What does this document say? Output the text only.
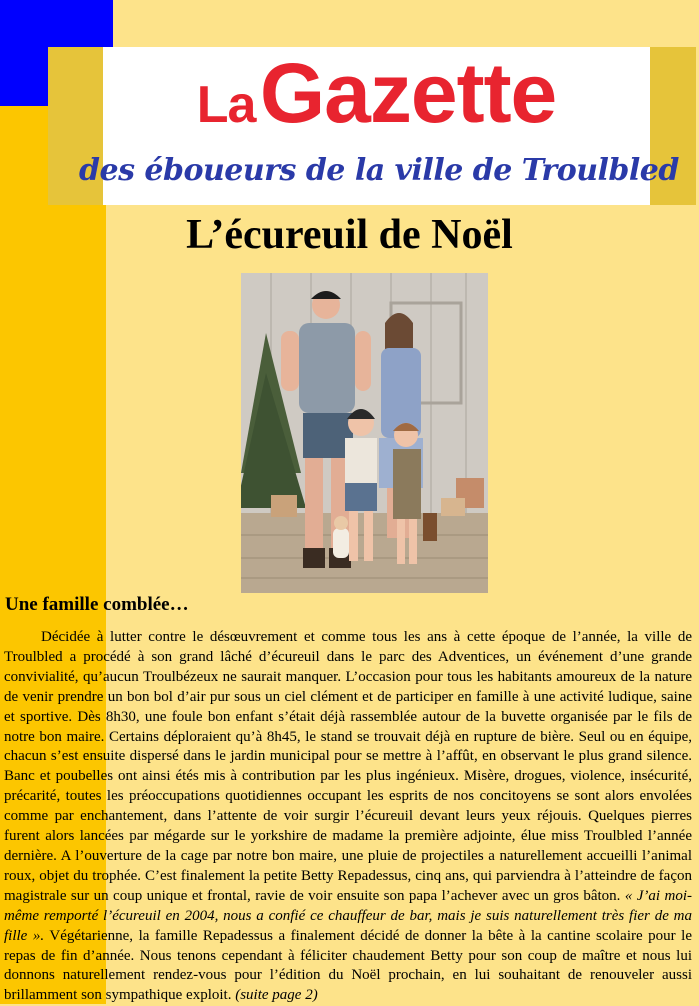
La Gazette
des éboueurs de la ville de Troulbled
L’écureuil de Noël
Une famille comblée…

Décidée à lutter contre le désœuvrement et comme tous les ans à cette époque de l’année, la ville de Troulbled a procédé à son grand lâché d’écureuil dans le parc des Adventices, un événement d’une grande convivialité, qu’aucun Troulbézeux ne saurait manquer. L’occasion pour tous les habitants amoureux de la nature de venir prendre un bon bol d’air pur sous un ciel clément et de participer en famille à une activité ludique, saine et sportive. Dès 8h30, une foule bon enfant s’était déjà rassemblée autour de la buvette organisée par le fils de notre bon maire. Certains déploraient qu’à 8h45, le stand se trouvait déjà en rupture de bière. Seul ou en équipe, chacun s’est ensuite dispersé dans le jardin municipal pour se mettre à l’affût, en observant le plus grand silence. Banc et poubelles ont ainsi étés mis à contribution par les plus ingénieux. Misère, drogues, violence, insécurité, précarité, toutes les préoccupations quotidiennes occupant les esprits de nos concitoyens se sont alors envolées comme par enchantement, dans l’attente de voir surgir l’écureuil devant leurs yeux réjouis. Quelques pierres furent alors lancées par mégarde sur le yorkshire de madame la première adjointe, élue miss Troulbled l’année dernière. A l’ouverture de la cage par notre bon maire, une pluie de projectiles a naturellement accueilli l’animal roux, objet du trophée. C’est finalement la petite Betty Repadessus, cinq ans, qui parviendra à l’atteindre de façon magistrale sur un coup unique et frontal, ravie de voir ensuite son papa l’achever avec un gros bâton. « J’ai moi-même remporté l’écureuil en 2004, nous a confié ce chauffeur de bar, mais je suis naturellement très fier de ma fille ». Végétarienne, la famille Repadessus a finalement décidé de donner la bête à la cantine scolaire pour le repas de fin d’année. Nous tenons cependant à féliciter chaudement Betty pour son coup de maître et nous lui donnons naturellement rendez-vous pour l’édition du Noël prochain, en lui souhaitant de renouveler aussi brillamment son sympathique exploit. (suite page 2)
